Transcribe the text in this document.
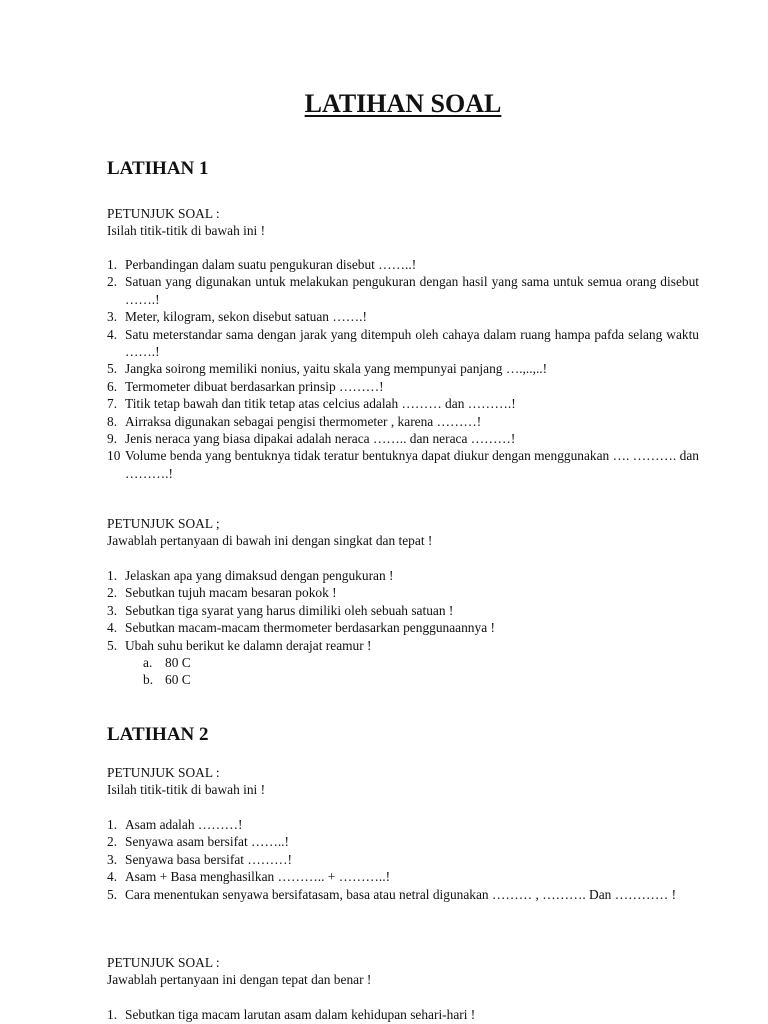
LATIHAN SOAL
LATIHAN 1

PETUNJUK SOAL :

Isilah titik-titik di bawah ini !

1. Perbandingan dalam suatu pengukuran disebut ……..!
2. Satuan yang digunakan untuk melakukan pengukuran dengan hasil yang sama untuk semua orang disebut …….!
3. Meter, kilogram, sekon disebut satuan …….!
4. Satu meterstandar sama dengan jarak yang ditempuh oleh cahaya dalam ruang hampa pafda selang waktu …….!
5. Jangka soirong memiliki nonius, yaitu skala yang mempunyai panjang ….,..,..!
6. Termometer dibuat berdasarkan prinsip ………!
7. Titik tetap bawah dan titik tetap atas celcius adalah ……… dan ……….!
8. Airraksa digunakan sebagai pengisi thermometer , karena ………!
9. Jenis neraca yang biasa dipakai adalah neraca …….. dan neraca ………!
10 Volume benda yang bentuknya tidak teratur bentuknya dapat diukur dengan menggunakan …. ………. dan ……….!

PETUNJUK SOAL ;

Jawablah pertanyaan di bawah ini dengan singkat dan tepat !

1. Jelaskan apa yang dimaksud dengan pengukuran !
2. Sebutkan tujuh macam besaran pokok !
3. Sebutkan tiga syarat yang harus dimiliki oleh sebuah satuan !
4. Sebutkan macam-macam thermometer berdasarkan penggunaannya !
5. Ubah suhu berikut ke dalamn derajat reamur !
a. 80 C
b. 60 C
LATIHAN 2

PETUNJUK SOAL :

Isilah titik-titik di bawah ini !

1. Asam adalah ………!
2. Senyawa asam bersifat ……..!
3. Senyawa basa bersifat ………!
4. Asam + Basa menghasilkan ……….. + ………..!
5. Cara menentukan senyawa bersifatasam, basa atau netral digunakan ……… , ………. Dan ………… !

PETUNJUK SOAL :

Jawablah pertanyaan ini dengan tepat dan benar !

1. Sebutkan tiga macam larutan asam dalam kehidupan sehari-hari !
